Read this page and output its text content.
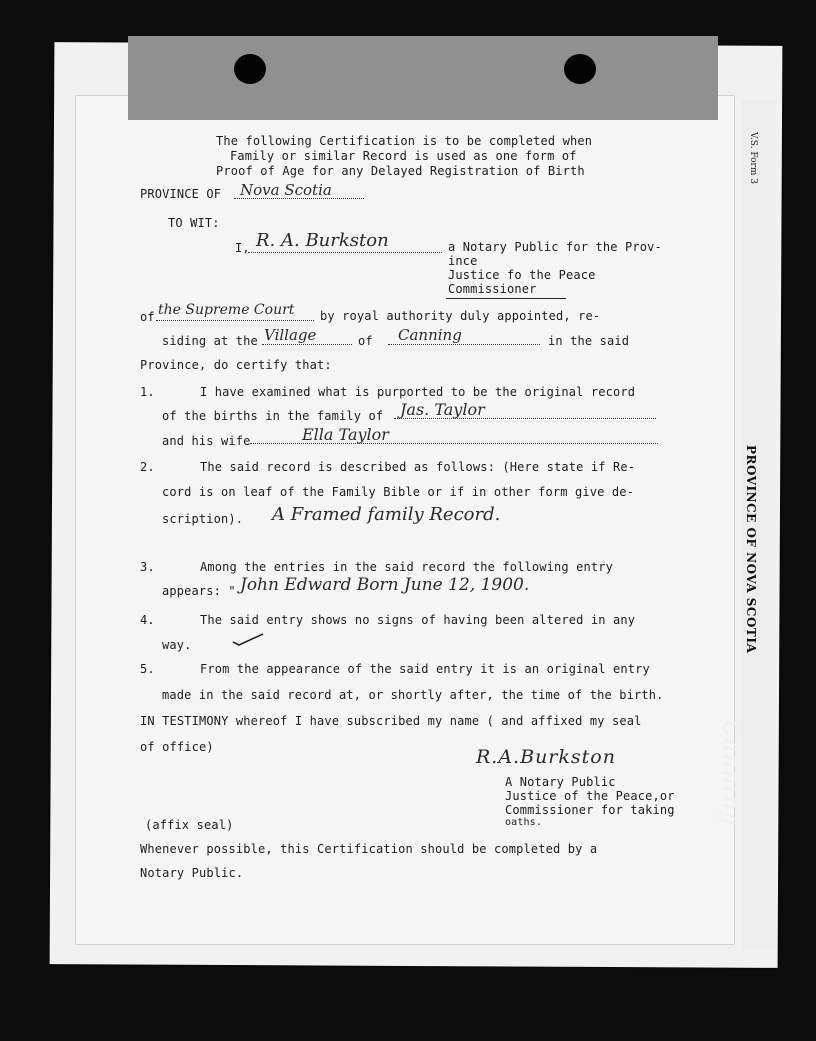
V.S. Form 3
PROVINCE OF NOVA SCOTIA
The following Certification is to be completed when
Family or similar Record is used as one form of
Proof of Age for any Delayed Registration of Birth
PROVINCE OF Nova Scotia
TO WIT:
I, R. A. Burkston	a Notary Public for the Prov-
ince
Justice fo the Peace
Commissioner
of the Supreme Court by royal authority duly appointed, re-
siding at the Village	of Canning	in the said
Province, do certify that:
1.	I have examined what is purported to be the original record
of the births in the family of Jas. Taylor
and his wife	Ella Taylor
2.	The said record is described as follows: (Here state if Re-
cord is on leaf of the Family Bible or if in other form give de-
scription). A Framed family Record.
3.	Among the entries in the said record the following entry
appears: " John Edward Born June 12, 1900.
4.	The said entry shows no signs of having been altered in any
way.
5.	From the appearance of the said entry it is an original entry
made in the said record at, or shortly after, the time of the birth.
IN TESTIMONY whereof I have subscribed my name ( and affixed my seal
of office)	R.A.Burkston
A Notary Public
Justice of the Peace,or
Commissioner for taking
oaths.
(affix seal)
Whenever possible, this Certification should be completed by a
Notary Public.
Canning
